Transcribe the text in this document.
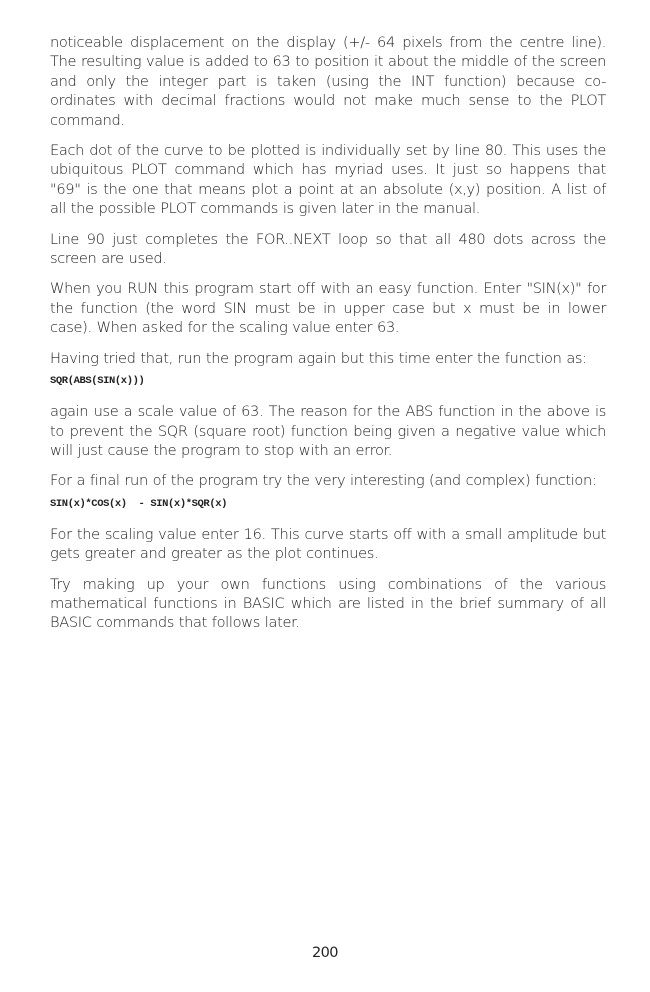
noticeable displacement on the display (+/- 64 pixels from the centre line). The resulting value is added to 63 to position it about the middle of the screen and only the integer part is taken (using the INT function) because co-ordinates with decimal fractions would not make much sense to the PLOT command.

Each dot of the curve to be plotted is individually set by line 80. This uses the ubiquitous PLOT command which has myriad uses. It just so happens that "69" is the one that means plot a point at an absolute (x,y) position. A list of all the possible PLOT commands is given later in the manual.

Line 90 just completes the FOR..NEXT loop so that all 480 dots across the screen are used.

When you RUN this program start off with an easy function. Enter "SIN(x)" for the function (the word SIN must be in upper case but x must be in lower case). When asked for the scaling value enter 63.

Having tried that, run the program again but this time enter the function as:

SQR(ABS(SIN(x)))

again use a scale value of 63. The reason for the ABS function in the above is to prevent the SQR (square root) function being given a negative value which will just cause the program to stop with an error.

For a final run of the program try the very interesting (and complex) function:

SIN(x)*COS(x)  - SIN(x)*SQR(x)

For the scaling value enter 16. This curve starts off with a small amplitude but gets greater and greater as the plot continues.

Try making up your own functions using combinations of the various mathematical functions in BASIC which are listed in the brief summary of all BASIC commands that follows later.

200
